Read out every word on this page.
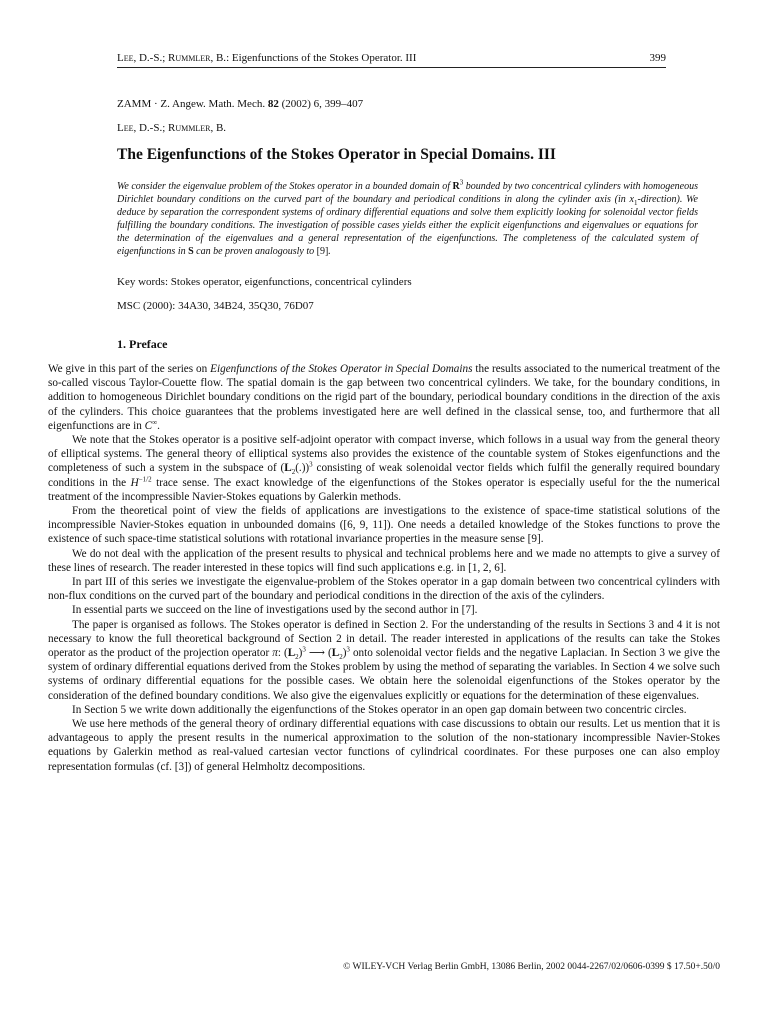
Lee, D.-S.; Rummler, B.: Eigenfunctions of the Stokes Operator. III	399
ZAMM · Z. Angew. Math. Mech. 82 (2002) 6, 399–407
Lee, D.-S.; Rummler, B.
The Eigenfunctions of the Stokes Operator in Special Domains. III

We consider the eigenvalue problem of the Stokes operator in a bounded domain of $R^3$ bounded by two concentrical cylinders with homogeneous Dirichlet boundary conditions on the curved part of the boundary and periodical conditions in along the cylinder axis (in $x_1-direction$). We deduce by separation the correspondent systems of ordinary differential equations and solve them explicitly looking for solenoidal vector fields fulfilling the boundary conditions. The investigation of possible cases yields either the explicit eigenfunctions and eigenvalues or equations for the determination of the eigenvalues and a general representation of the eigenfunctions. The completeness of the calculated system of eigenfunctions in S can be proven analogously to [9].

Key words: Stokes operator, eigenfunctions, concentrical cylinders
MSC (2000): 34A30, 34B24, 35Q30, 76D07
1. Preface

We give in this part of the series on Eigenfunctions of the Stokes Operator in Special Domains the results associated to the numerical treatment of the so-called viscous Taylor-Couette flow. The spatial domain is the gap between two concentrical cylinders. We take, for the boundary conditions, in addition to homogeneous Dirichlet boundary conditions on the rigid part of the boundary, periodical boundary conditions in the direction of the axis of the cylinders. This choice guarantees that the problems investigated here are well defined in the classical sense, too, and furthermore that all eigenfunctions are in C∞.

We note that the Stokes operator is a positive self-adjoint operator with compact inverse, which follows in a usual way from the general theory of elliptical systems. The general theory of elliptical systems also provides the existence of the countable system of Stokes eigenfunctions and the completeness of such a system in the subspace of $(L_2(.))^3$ consisting of weak solenoidal vector fields which fulfil the generally required boundary conditions in the $H^{-1/2}$ trace sense. The exact knowledge of the eigenfunctions of the Stokes operator is especially useful for the the numerical treatment of the incompressible Navier-Stokes equations by Galerkin methods.

From the theoretical point of view the fields of applications are investigations to the existence of space-time statistical solutions of the incompressible Navier-Stokes equation in unbounded domains ([6, 9, 11]). One needs a detailed knowledge of the Stokes functions to prove the existence of such space-time statistical solutions with rotational invariance properties in the measure sense [9].

We do not deal with the application of the present results to physical and technical problems here and we made no attempts to give a survey of these lines of research. The reader interested in these topics will find such applications e.g. in [1, 2, 6].

In part III of this series we investigate the eigenvalue-problem of the Stokes operator in a gap domain between two concentrical cylinders with non-flux conditions on the curved part of the boundary and periodical conditions in the direction of the axis of the cylinders.

In essential parts we succeed on the line of investigations used by the second author in [7].

The paper is organised as follows. The Stokes operator is defined in Section 2. For the understanding of the results in Sections 3 and 4 it is not necessary to know the full theoretical background of Section 2 in detail. The reader interested in applications of the results can take the Stokes operator as the product of the projection operator π: $(L_2)^3$ ⟶ $(L_2)^3$ onto solenoidal vector fields and the negative Laplacian. In Section 3 we give the system of ordinary differential equations derived from the Stokes problem by using the method of separating the variables. In Section 4 we solve such systems of ordinary differential equations for the possible cases. We obtain here the solenoidal eigenfunctions of the Stokes operator by the consideration of the defined boundary conditions. We also give the eigenvalues explicitly or equations for the determination of these eigenvalues.

In Section 5 we write down additionally the eigenfunctions of the Stokes operator in an open gap domain between two concentric circles.

We use here methods of the general theory of ordinary differential equations with case discussions to obtain our results. Let us mention that it is advantageous to apply the present results in the numerical approximation to the solution of the non-stationary incompressible Navier-Stokes equations by Galerkin method as real-valued cartesian vector functions of cylindrical coordinates. For these purposes one can also employ representation formulas (cf. [3]) of general Helmholtz decompositions.

© WILEY-VCH Verlag Berlin GmbH, 13086 Berlin, 2002 0044-2267/02/0606-0399 $ 17.50+.50/0
